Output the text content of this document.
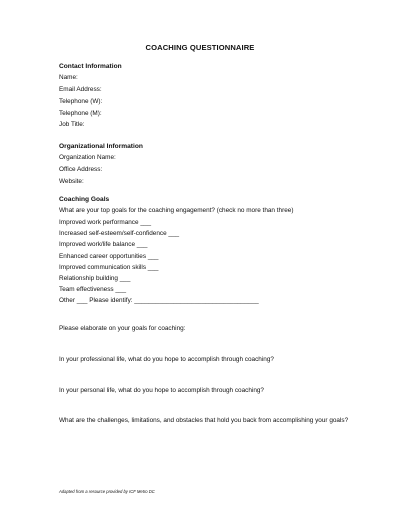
COACHING QUESTIONNAIRE
Contact Information
Name:
Email Address:
Telephone (W):
Telephone (M):
Job Title:
Organizational Information
Organization Name:
Office Address:
Website:
Coaching Goals
What are your top goals for the coaching engagement? (check no more than three)
Improved work performance ___
Increased self-esteem/self-confidence ___
Improved work/life balance ___
Enhanced career opportunities ___
Improved communication skills ___
Relationship building ___
Team effectiveness ___
Other ___ Please identify: ___________________________________
Please elaborate on your goals for coaching:
In your professional life, what do you hope to accomplish through coaching?
In your personal life, what do you hope to accomplish through coaching?
What are the challenges, limitations, and obstacles that hold you back from accomplishing your goals?
Adapted from a resource provided by ICF Metro DC
